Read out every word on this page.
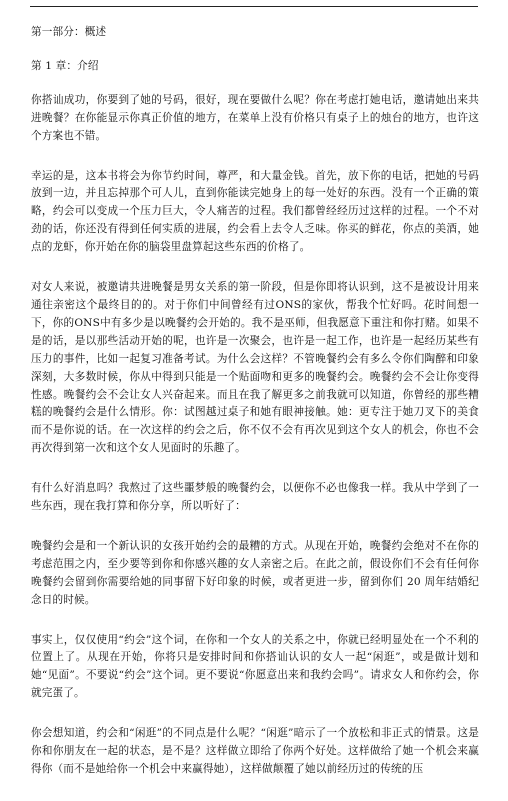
第一部分：概述
第 1 章：介绍

你搭讪成功，你要到了她的号码，很好，现在要做什么呢？你在考虑打她电话，邀请她出来共进晚餐？在你能显示你真正价值的地方，在菜单上没有价格只有桌子上的烛台的地方，也许这个方案也不错。

幸运的是，这本书将会为你节约时间，尊严，和大量金钱。首先，放下你的电话，把她的号码放到一边，并且忘掉那个可人儿，直到你能读完她身上的每一处好的东西。没有一个正确的策略，约会可以变成一个压力巨大，令人痛苦的过程。我们都曾经经历过这样的过程。一个不对劲的话，你还没有得到任何实质的进展，约会看上去令人乏味。你买的鲜花，你点的美酒，她点的龙虾，你开始在你的脑袋里盘算起这些东西的价格了。

对女人来说，被邀请共进晚餐是男女关系的第一阶段，但是你即将认识到，这不是被设计用来通往亲密这个最终目的的。对于你们中间曾经有过ONS的家伙，帮我个忙好吗。花时间想一下，你的ONS中有多少是以晚餐约会开始的。我不是巫师，但我愿意下重注和你打赌。如果不是的话，是以那些活动开始的呢，也许是一次聚会，也许是一起工作，也许是一起经历某些有压力的事件，比如一起复习准备考试。为什么会这样？不管晚餐约会有多么令你们陶醉和印象深刻，大多数时候，你从中得到只能是一个贴面吻和更多的晚餐约会。晚餐约会不会让你变得性感。晚餐约会不会让女人兴奋起来。而且在我了解更多之前我就可以知道，你曾经的那些糟糕的晚餐约会是什么情形。你：试图越过桌子和她有眼神接触。她：更专注于她刀叉下的美食而不是你说的话。在一次这样的约会之后，你不仅不会有再次见到这个女人的机会，你也不会再次得到第一次和这个女人见面时的乐趣了。

有什么好消息吗？我熬过了这些噩梦般的晚餐约会，以便你不必也像我一样。我从中学到了一些东西，现在我打算和你分享，所以听好了：

晚餐约会是和一个新认识的女孩开始约会的最糟的方式。从现在开始，晚餐约会绝对不在你的考虑范围之内，至少要等到你和你感兴趣的女人亲密之后。在此之前，假设你们不会有任何你晚餐约会留到你需要给她的同事留下好印象的时候，或者更进一步，留到你们 20 周年结婚纪念日的时候。

事实上，仅仅使用“约会”这个词，在你和一个女人的关系之中，你就已经明显处在一个不利的位置上了。从现在开始，你将只是安排时间和你搭讪认识的女人一起“闲逛”，或是做计划和她“见面”。不要说“约会”这个词。更不要说“你愿意出来和我约会吗”。请求女人和你约会，你就完蛋了。

你会想知道，约会和“闲逛”的不同点是什么呢？“闲逛”暗示了一个放松和非正式的情景。这是你和你朋友在一起的状态，是不是？这样做立即给了你两个好处。这样做给了她一个机会来赢得你（而不是她给你一个机会中来赢得她），这样做颠覆了她以前经历过的传统的压
